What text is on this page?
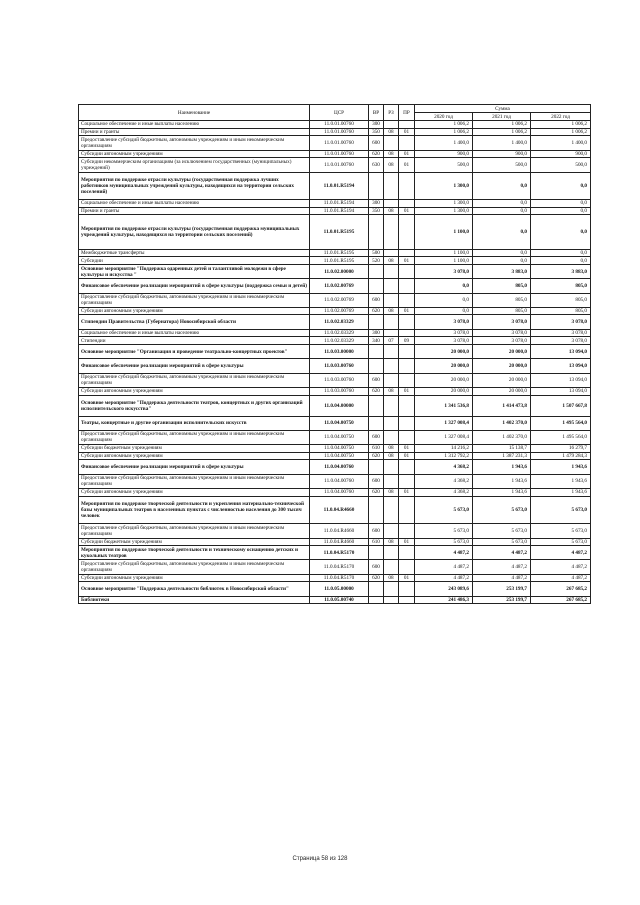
Наименование	ЦСР	ВР	РЗ	ПР	Сумма		
					2020 год	2021 год	2022 год
Социальное обеспечение и иные выплаты населению	11.0.01.00760	300			1 006,2	1 006,2	1 006,2
Премии и гранты	11.0.01.00760	350	08	01	1 006,2	1 006,2	1 006,2
Предоставление субсидий бюджетным, автономным учреждениям и иным некоммерческим организациям	11.0.01.00760	600			1 400,0	1 400,0	1 400,0
Субсидии автономным учреждениям	11.0.01.00760	620	08	01	900,0	900,0	900,0
Субсидии некоммерческим организациям (за исключением государственных (муниципальных) учреждений)	11.0.01.00760	630	08	01	500,0	500,0	500,0
Мероприятия по поддержке отрасли культуры (государственная поддержка лучших работников муниципальных учреждений культуры, находящихся на территории сельских поселений)	11.0.01.R5194				1 300,0	0,0	0,0
Социальное обеспечение и иные выплаты населению	11.0.01.R5194	300			1 300,0	0,0	0,0
Премии и гранты	11.0.01.R5194	350	08	01	1 300,0	0,0	0,0
Мероприятия по поддержке отрасли культуры (государственная поддержка муниципальных учреждений культуры, находящихся на территории сельских поселений)	11.0.01.R5195				1 100,0	0,0	0,0
Межбюджетные трансферты	11.0.01.R5195	500			1 100,0	0,0	0,0
Субсидии	11.0.01.R5195	520	08	01	1 100,0	0,0	0,0
Основное мероприятие "Поддержка одаренных детей и талантливой молодежи в сфере культуры и искусства "	11.0.02.00000				3 078,0	3 883,0	3 883,0
Финансовое обеспечение реализации мероприятий в сфере культуры (поддержка семьи и детей)	11.0.02.00769				0,0	805,0	805,0
Предоставление субсидий бюджетным, автономным учреждениям и иным некоммерческим организациям	11.0.02.00769	600			0,0	805,0	805,0
Субсидии автономным учреждениям	11.0.02.00769	620	08	01	0,0	805,0	805,0
Стипендии Правительства (Губернатора) Новосибирской области	11.0.02.03329				3 078,0	3 078,0	3 078,0
Социальное обеспечение и иные выплаты населению	11.0.02.03329	300			3 078,0	3 078,0	3 078,0
Стипендии	11.0.02.03329	340	07	09	3 078,0	3 078,0	3 078,0
Основное мероприятие "Организация и проведение театрально-концертных проектов"	11.0.03.00000				20 000,0	20 000,0	13 094,0
Финансовое обеспечение реализации мероприятий в сфере культуры	11.0.03.00760				20 000,0	20 000,0	13 094,0
Предоставление субсидий бюджетным, автономным учреждениям и иным некоммерческим организациям	11.0.03.00760	600			20 000,0	20 000,0	13 094,0
Субсидии автономным учреждениям	11.0.03.00760	620	08	01	20 000,0	20 000,0	13 094,0
Основное мероприятие "Поддержка деятельности театров, концертных и других организаций исполнительского искусства"	11.0.04.00000				1 341 536,8	1 414 473,8	1 507 667,8
Театры, концертные и другие организации исполнительских искусств	11.0.04.00750				1 327 008,4	1 402 370,0	1 495 564,0
Предоставление субсидий бюджетным, автономным учреждениям и иным некоммерческим организациям	11.0.04.00750	600			1 327 008,4	1 402 370,0	1 495 564,0
Субсидии бюджетным учреждениям	11.0.04.00750	610	08	01	14 216,2	15 138,7	16 279,7
Субсидии автономным учреждениям	11.0.04.00750	620	08	01	1 312 792,2	1 387 231,3	1 479 284,3
Финансовое обеспечение реализации мероприятий в сфере культуры	11.0.04.00760				4 368,2	1 943,6	1 943,6
Предоставление субсидий бюджетным, автономным учреждениям и иным некоммерческим организациям	11.0.04.00760	600			4 368,2	1 943,6	1 943,6
Субсидии автономным учреждениям	11.0.04.00760	620	08	01	4 368,2	1 943,6	1 943,6
Мероприятия по поддержке творческой деятельности и укрепления материально-технической базы муниципальных театров в населенных пунктах с численностью населения до 300 тысяч человек	11.0.04.R4660				5 673,0	5 673,0	5 673,0
Предоставление субсидий бюджетным, автономным учреждениям и иным некоммерческим организациям	11.0.04.R4660	600			5 673,0	5 673,0	5 673,0
Субсидии бюджетным учреждениям	11.0.04.R4660	610	08	01	5 673,0	5 673,0	5 673,0
Мероприятия по поддержке творческой деятельности и техническому оснащению детских и кукольных театров	11.0.04.R5170				4 487,2	4 487,2	4 487,2
Предоставление субсидий бюджетным, автономным учреждениям и иным некоммерческим организациям	11.0.04.R5170	600			4 487,2	4 487,2	4 487,2
Субсидии автономным учреждениям	11.0.04.R5170	620	08	01	4 487,2	4 487,2	4 487,2
Основное мероприятие "Поддержка деятельности библиотек в Новосибирской области"	11.0.05.00000				243 089,6	253 199,7	267 685,2
Библиотеки	11.0.05.00740				241 486,3	253 199,7	267 685,2
Страница 58 из 128
